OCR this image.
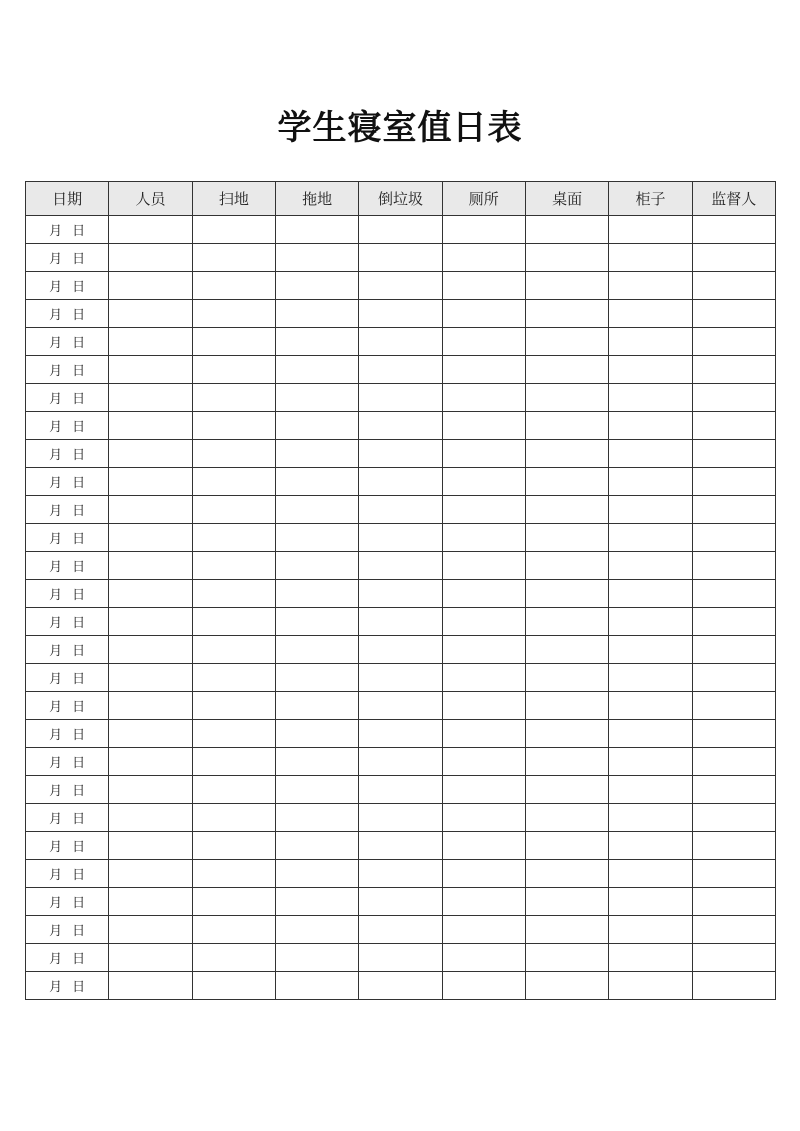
学生寝室值日表
日期	人员	扫地	拖地	倒垃圾	厕所	桌面	柜子	监督人
月 日								
月 日								
月 日								
月 日								
月 日								
月 日								
月 日								
月 日								
月 日								
月 日								
月 日								
月 日								
月 日								
月 日								
月 日								
月 日								
月 日								
月 日								
月 日								
月 日								
月 日								
月 日								
月 日								
月 日								
月 日								
月 日								
月 日								
月 日								
